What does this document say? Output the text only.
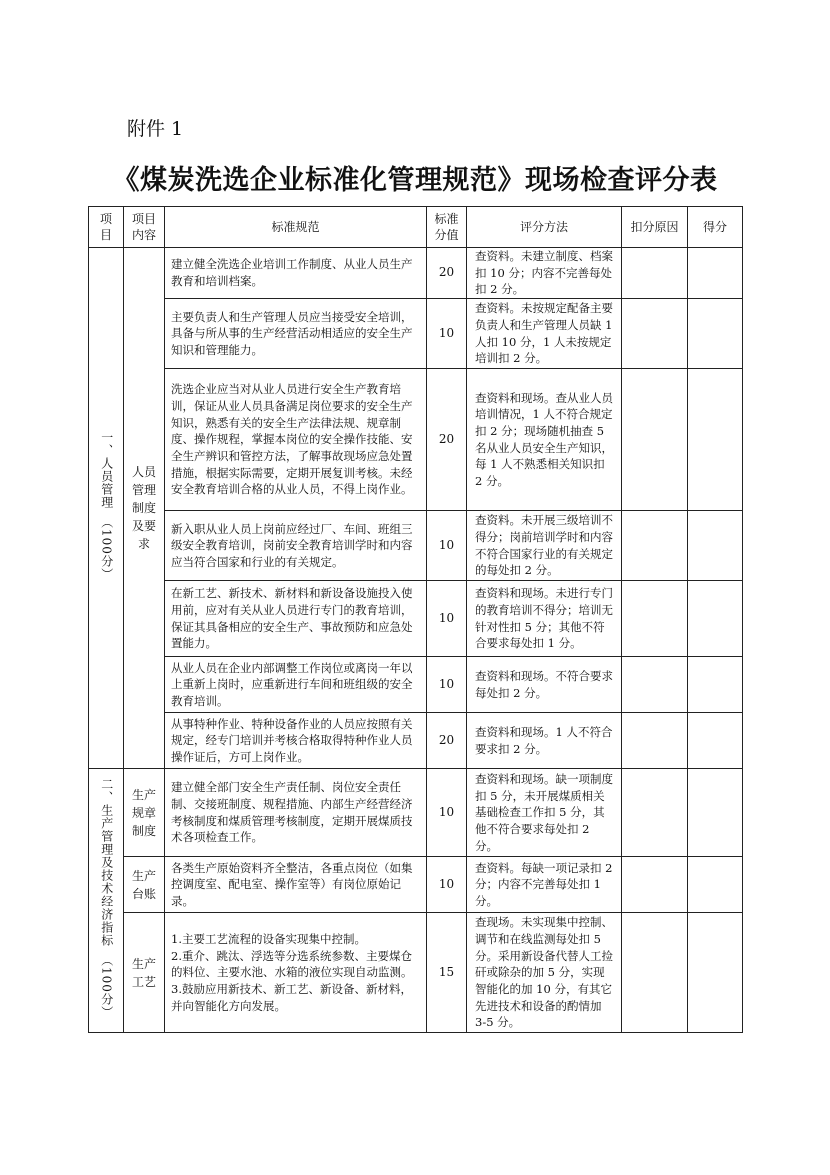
附件 1
《煤炭洗选企业标准化管理规范》现场检查评分表
项目	项目内容	标准规范	标准分值	评分方法	扣分原因	得分
一、人员管理（100分）	人员管理制度及要求	建立健全洗选企业培训工作制度、从业人员生产教育和培训档案。	20	查资料。未建立制度、档案扣 10 分；内容不完善每处扣 2 分。		
		主要负责人和生产管理人员应当接受安全培训，具备与所从事的生产经营活动相适应的安全生产知识和管理能力。	10	查资料。未按规定配备主要负责人和生产管理人员缺 1 人扣 10 分，1 人未按规定培训扣 2 分。		
		洗选企业应当对从业人员进行安全生产教育培训，保证从业人员具备满足岗位要求的安全生产知识，熟悉有关的安全生产法律法规、规章制度、操作规程，掌握本岗位的安全操作技能、安全生产辨识和管控方法，了解事故现场应急处置措施，根据实际需要，定期开展复训考核。未经安全教育培训合格的从业人员，不得上岗作业。	20	查资料和现场。查从业人员培训情况，1 人不符合规定扣 2 分；现场随机抽查 5 名从业人员安全生产知识，每 1 人不熟悉相关知识扣 2 分。		
		新入职从业人员上岗前应经过厂、车间、班组三级安全教育培训，岗前安全教育培训学时和内容应当符合国家和行业的有关规定。	10	查资料。未开展三级培训不得分；岗前培训学时和内容不符合国家行业的有关规定的每处扣 2 分。		
		在新工艺、新技术、新材料和新设备设施投入使用前，应对有关从业人员进行专门的教育培训，保证其具备相应的安全生产、事故预防和应急处置能力。	10	查资料和现场。未进行专门的教育培训不得分；培训无针对性扣 5 分；其他不符合要求每处扣 1 分。		
		从业人员在企业内部调整工作岗位或离岗一年以上重新上岗时，应重新进行车间和班组级的安全教育培训。	10	查资料和现场。不符合要求每处扣 2 分。		
		从事特种作业、特种设备作业的人员应按照有关规定，经专门培训并考核合格取得特种作业人员操作证后，方可上岗作业。	20	查资料和现场。1 人不符合要求扣 2 分。		
二、生产管理及技术经济指标（100分）	生产规章制度	建立健全部门安全生产责任制、岗位安全责任制、交接班制度、规程措施、内部生产经营经济考核制度和煤质管理考核制度，定期开展煤质技术各项检查工作。	10	查资料和现场。缺一项制度扣 5 分，未开展煤质相关基础检查工作扣 5 分，其他不符合要求每处扣 2 分。		
	生产台账	各类生产原始资料齐全整洁，各重点岗位（如集控调度室、配电室、操作室等）有岗位原始记录。	10	查资料。每缺一项记录扣 2 分；内容不完善每处扣 1 分。		
	生产工艺	1.主要工艺流程的设备实现集中控制。
2.重介、跳汰、浮选等分选系统参数、主要煤仓的料位、主要水池、水箱的液位实现自动监测。
3.鼓励应用新技术、新工艺、新设备、新材料，并向智能化方向发展。	15	查现场。未实现集中控制、调节和在线监测每处扣 5 分。采用新设备代替人工捡矸或除杂的加 5 分，实现智能化的加 10 分，有其它先进技术和设备的酌情加 3-5 分。		
